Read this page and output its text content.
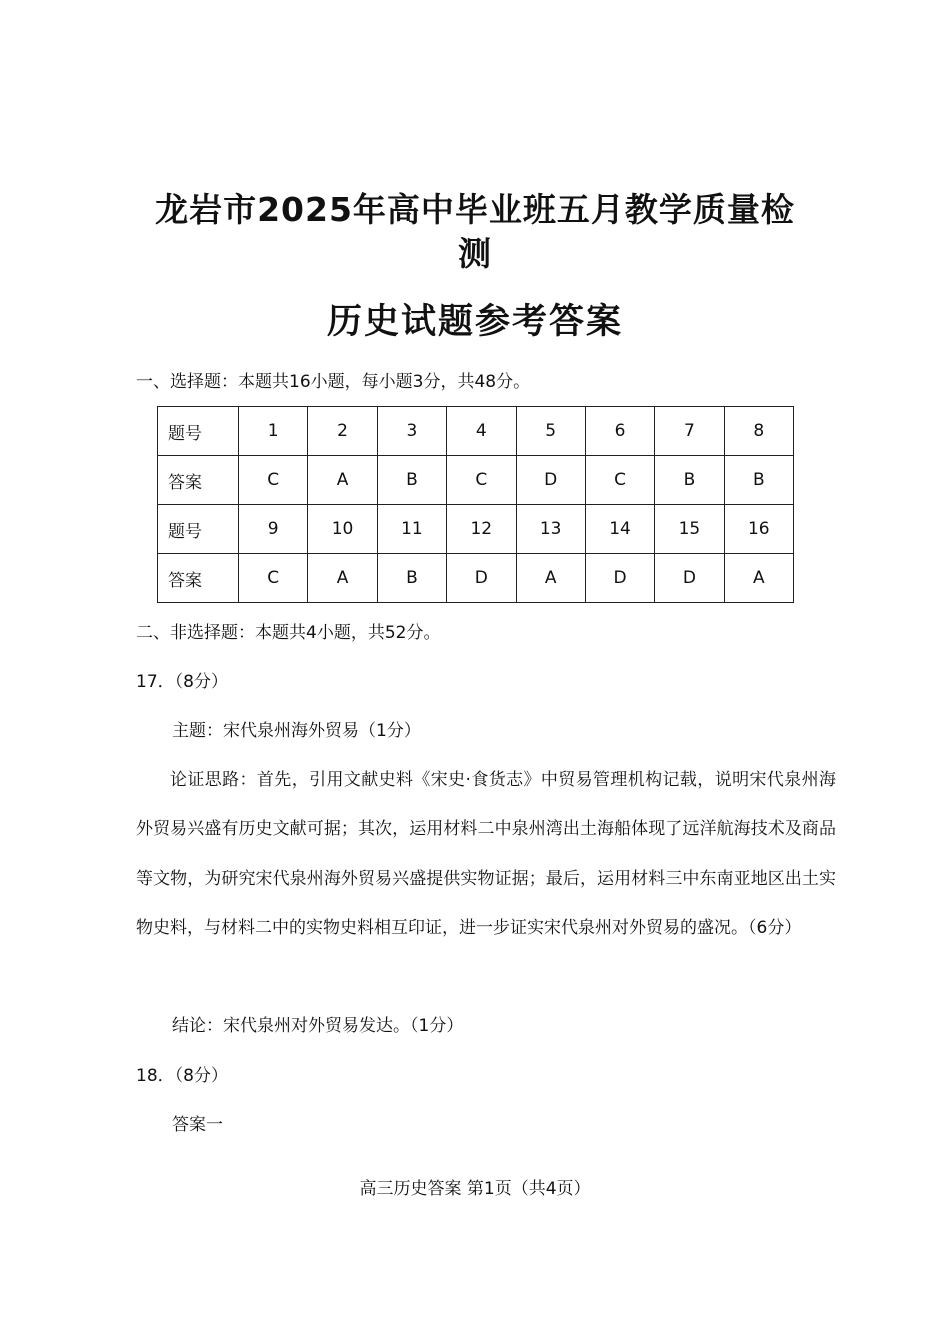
龙岩市2025年高中毕业班五月教学质量检测
历史试题参考答案
一、选择题：本题共16小题，每小题3分，共48分。
题号	1	2	3	4	5	6	7	8
答案	C	A	B	C	D	C	B	B
题号	9	10	11	12	13	14	15	16
答案	C	A	B	D	A	D	D	A
二、非选择题：本题共4小题，共52分。
17．（8分）
主题：宋代泉州海外贸易（1分）
论证思路：首先，引用文献史料《宋史·食货志》中贸易管理机构记载，说明宋代泉州海外贸易兴盛有历史文献可据；其次，运用材料二中泉州湾出土海船体现了远洋航海技术及商品等文物，为研究宋代泉州海外贸易兴盛提供实物证据；最后，运用材料三中东南亚地区出土实物史料，与材料二中的实物史料相互印证，进一步证实宋代泉州对外贸易的盛况。（6分）
结论：宋代泉州对外贸易发达。（1分）
18．（8分）
答案一
高三历史答案 第1页（共4页）
